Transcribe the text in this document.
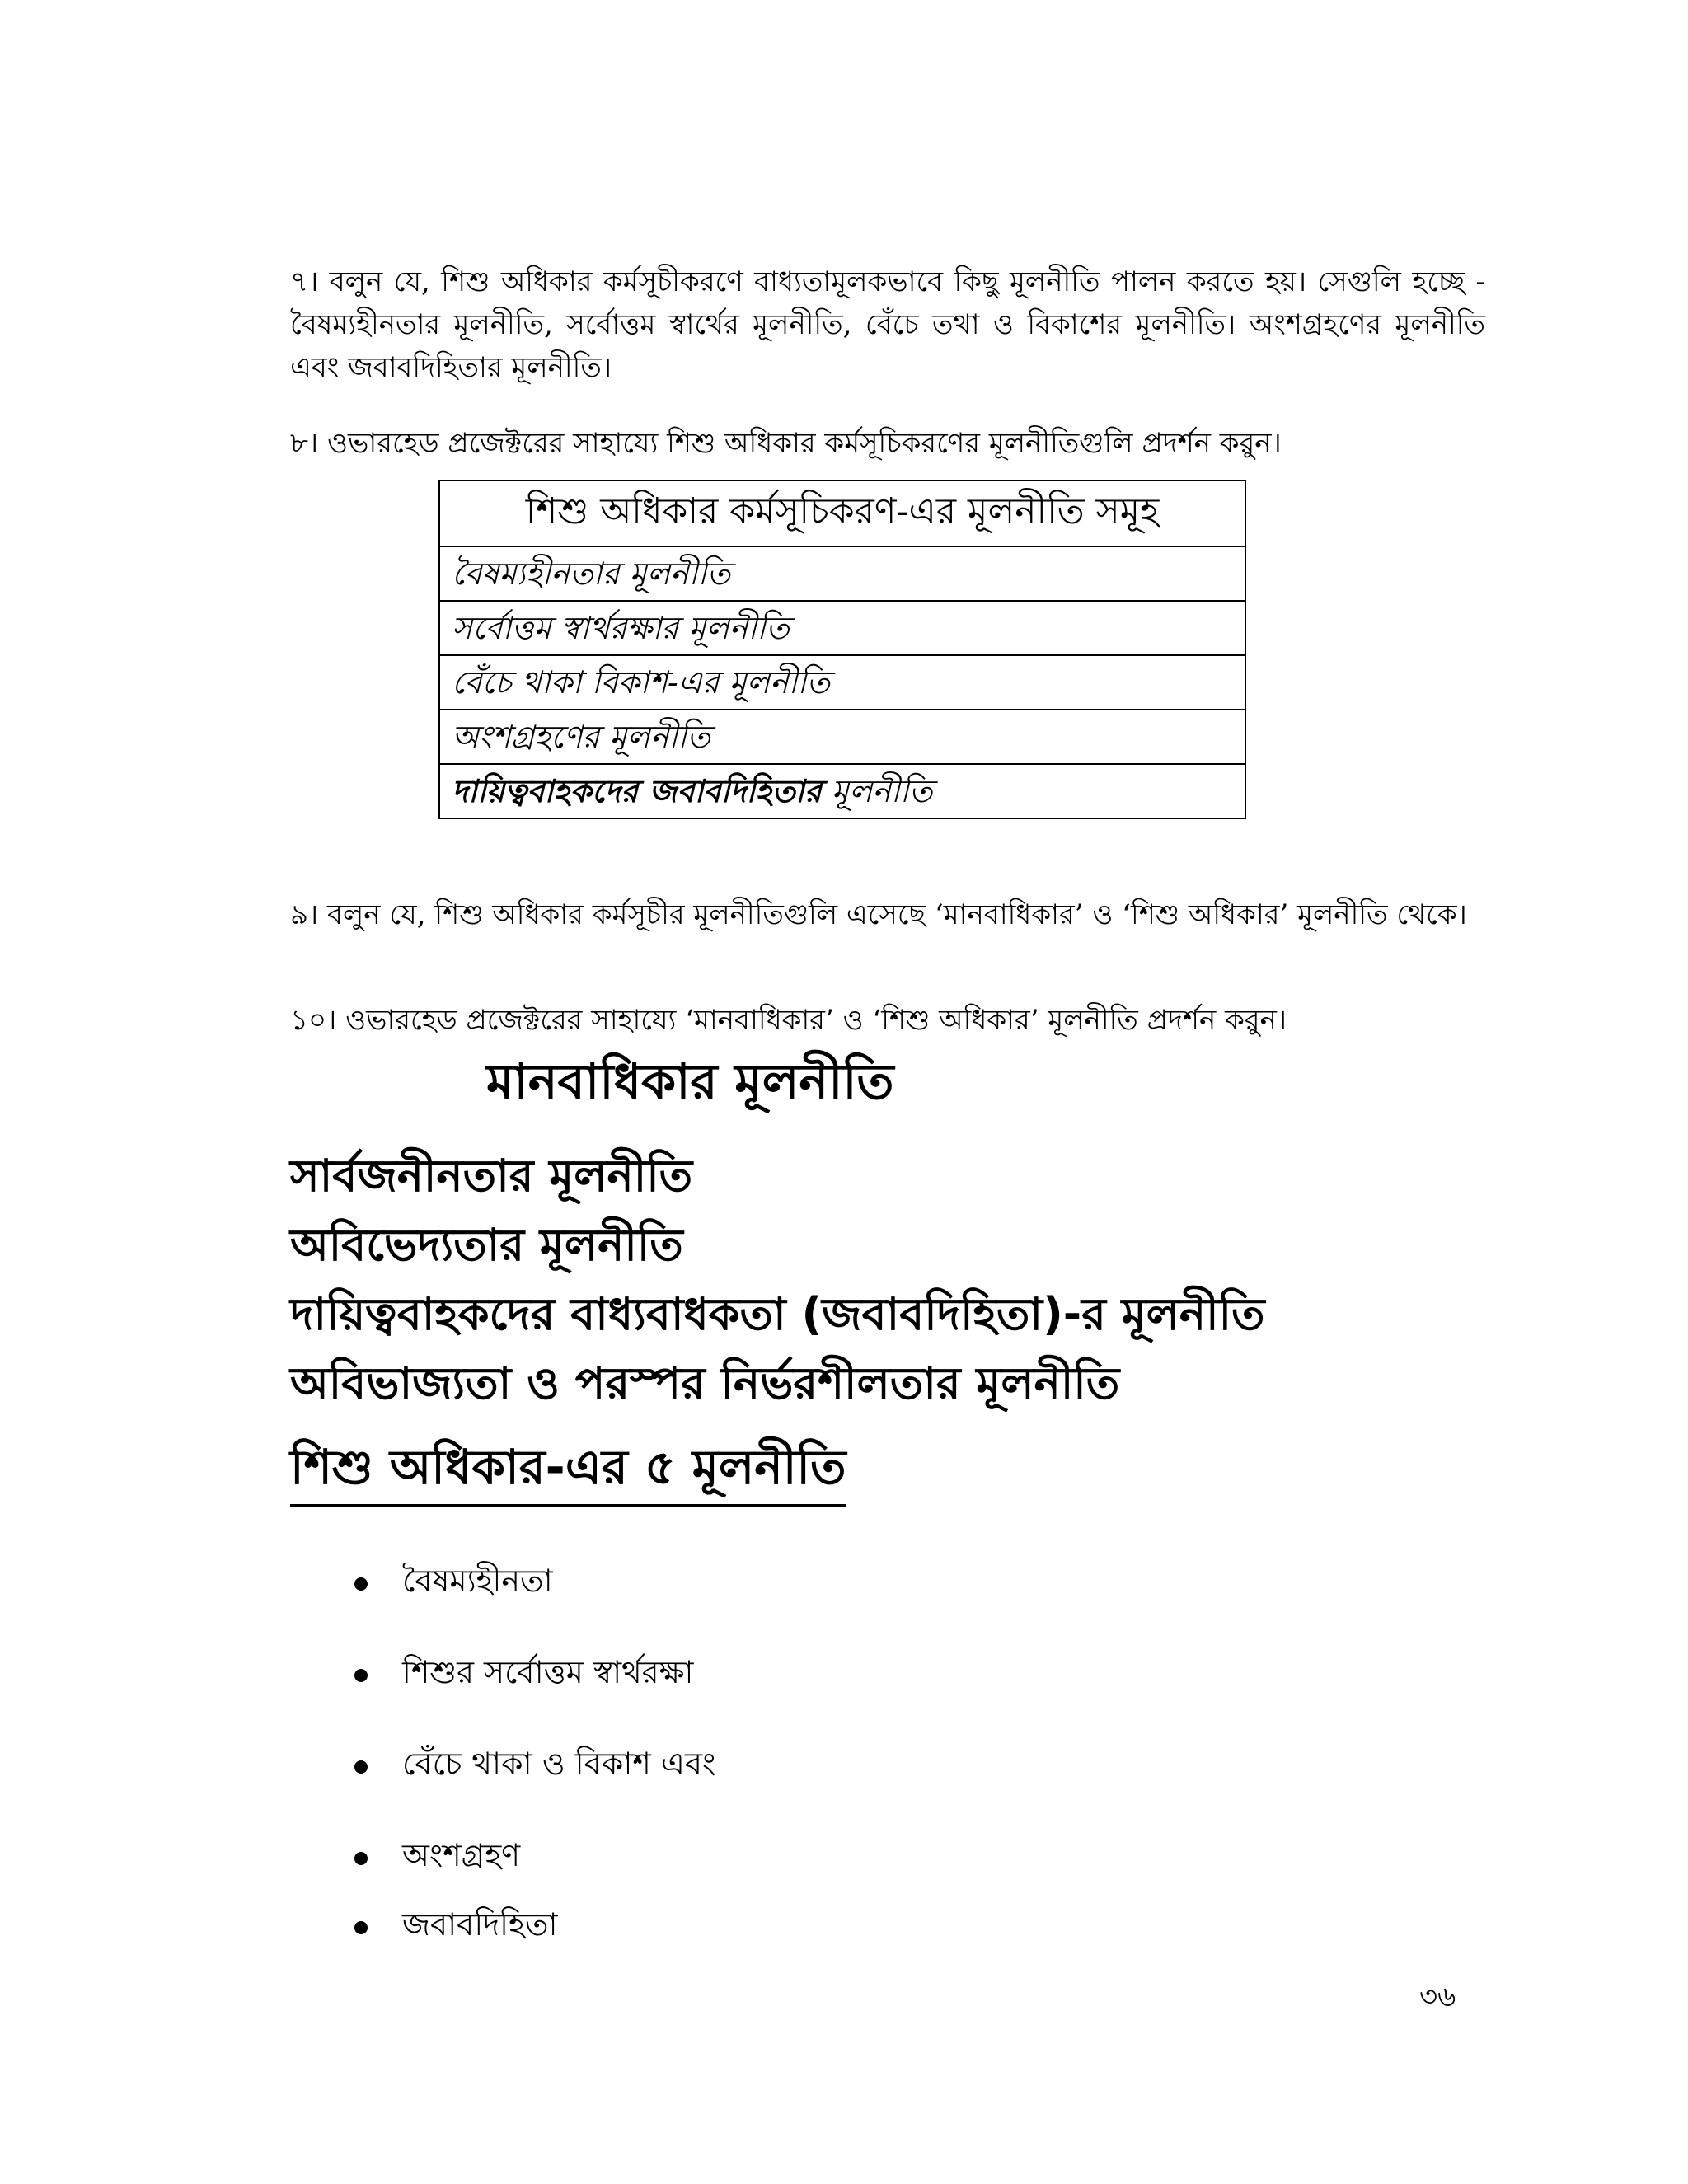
৭। বলুন যে, শিশু অধিকার কর্মসূচীকরণে বাধ্যতামূলকভাবে কিছু মূলনীতি পালন করতে হয়। সেগুলি হচ্ছে - বৈষম্যহীনতার মূলনীতি, সর্বোত্তম স্বার্থের মূলনীতি, বেঁচে তথা ও বিকাশের মূলনীতি। অংশগ্রহণের মূলনীতি এবং জবাবদিহিতার মূলনীতি।

৮। ওভারহেড প্রজেক্টরের সাহায্যে শিশু অধিকার কর্মসূচিকরণের মূলনীতিগুলি প্রদর্শন কর‍ুন।

শিশু অধিকার কর্মসূচিকরণ-এর মূলনীতি সমূহ
বৈষম্যহীনতার মূলনীতি
সর্বোত্তম স্বার্থরক্ষার মূলনীতি
বেঁচে থাকা বিকাশ-এর মূলনীতি
অংশগ্রহণের মূলনীতি
দায়িত্ববাহকদের জবাবদিহিতার মূলনীতি

৯। বলুন যে, শিশু অধিকার কর্মসূচীর মূলনীতিগুলি এসেছে ‘মানবাধিকার’ ও ‘শিশু অধিকার’ মূলনীতি থেকে।

১০। ওভারহেড প্রজেক্টরের সাহায্যে ‘মানবাধিকার’ ও ‘শিশু অধিকার’ মূলনীতি প্রদর্শন কর‍ুন।

মানবাধিকার মূলনীতি
সার্বজনীনতার মূলনীতি
অবিভেদ্যতার মূলনীতি
দায়িত্ববাহকদের বাধ্যবাধকতা (জবাবদিহিতা)-র মূলনীতি
অবিভাজ্যতা ও পরস্পর নির্ভরশীলতার মূলনীতি
শিশু অধিকার-এর ৫ মূলনীতি
বৈষম্যহীনতা
শিশুর সর্বোত্তম স্বার্থরক্ষা
বেঁচে থাকা ও বিকাশ এবং
অংশগ্রহণ
জবাবদিহিতা
৩৬
